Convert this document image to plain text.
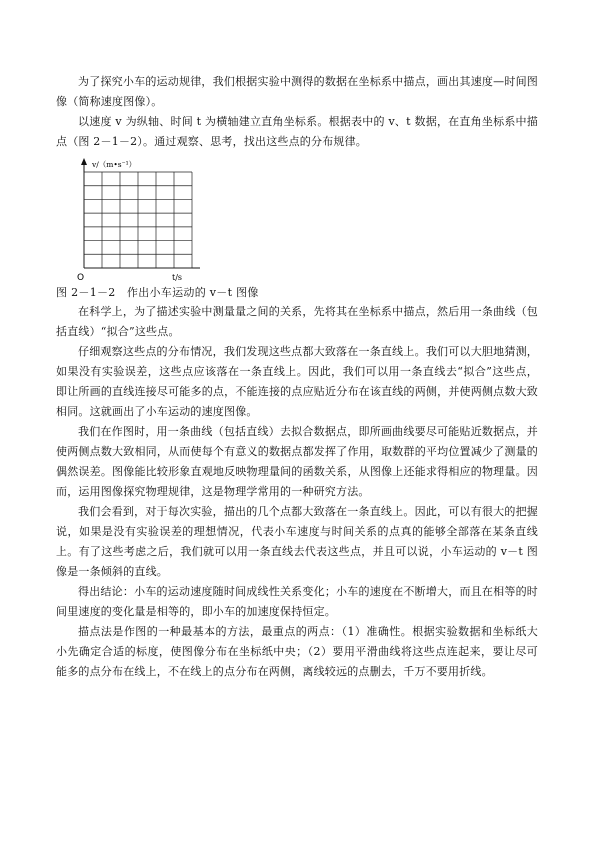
为了探究小车的运动规律，我们根据实验中测得的数据在坐标系中描点，画出其速度—时间图像（简称速度图像）。

以速度 v 为纵轴、时间 t 为横轴建立直角坐标系。根据表中的 v、t 数据，在直角坐标系中描点（图 2－1－2）。通过观察、思考，找出这些点的分布规律。

v/（m•s⁻¹）
t/s
O

图 2－1－2　作出小车运动的 v－t 图像

在科学上，为了描述实验中测量量之间的关系，先将其在坐标系中描点，然后用一条曲线（包括直线）“拟合”这些点。

仔细观察这些点的分布情况，我们发现这些点都大致落在一条直线上。我们可以大胆地猜测，如果没有实验误差，这些点应该落在一条直线上。因此，我们可以用一条直线去“拟合”这些点，即让所画的直线连接尽可能多的点，不能连接的点应贴近分布在该直线的两侧，并使两侧点数大致相同。这就画出了小车运动的速度图像。

我们在作图时，用一条曲线（包括直线）去拟合数据点，即所画曲线要尽可能贴近数据点，并使两侧点数大致相同，从而使每个有意义的数据点都发挥了作用，取数群的平均位置减少了测量的偶然误差。图像能比较形象直观地反映物理量间的函数关系，从图像上还能求得相应的物理量。因而，运用图像探究物理规律，这是物理学常用的一种研究方法。

我们会看到，对于每次实验，描出的几个点都大致落在一条直线上。因此，可以有很大的把握说，如果是没有实验误差的理想情况，代表小车速度与时间关系的点真的能够全部落在某条直线上。有了这些考虑之后，我们就可以用一条直线去代表这些点，并且可以说，小车运动的 v－t 图像是一条倾斜的直线。

得出结论：小车的运动速度随时间成线性关系变化；小车的速度在不断增大，而且在相等的时间里速度的变化量是相等的，即小车的加速度保持恒定。

描点法是作图的一种最基本的方法，最重点的两点：（1）准确性。根据实验数据和坐标纸大小先确定合适的标度，使图像分布在坐标纸中央；（2）要用平滑曲线将这些点连起来，要让尽可能多的点分布在线上，不在线上的点分布在两侧，离线较远的点删去，千万不要用折线。
